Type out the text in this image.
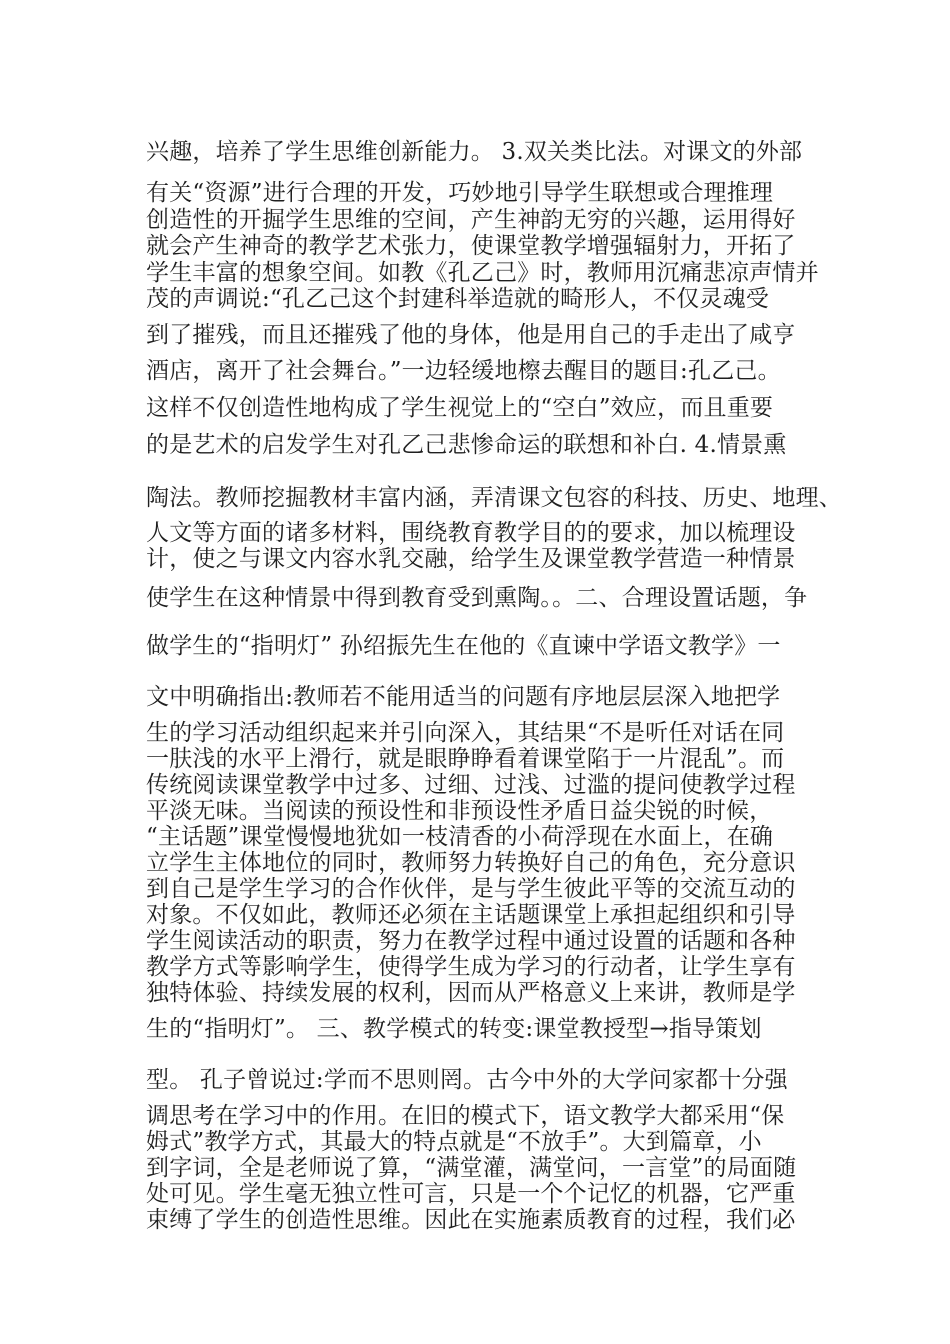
兴趣，培养了学生思维创新能力。 3.双关类比法。对课文的外部
有关“资源”进行合理的开发，巧妙地引导学生联想或合理推理
创造性的开掘学生思维的空间，产生神韵无穷的兴趣，运用得好
就会产生神奇的教学艺术张力，使课堂教学增强辐射力，开拓了
学生丰富的想象空间。如教《孔乙己》时，教师用沉痛悲凉声情并
茂的声调说:“孔乙己这个封建科举造就的畸形人，不仅灵魂受
到了摧残，而且还摧残了他的身体，他是用自己的手走出了咸亨
酒店，离开了社会舞台。”一边轻缓地檫去醒目的题目:孔乙己。
这样不仅创造性地构成了学生视觉上的“空白”效应，而且重要
的是艺术的启发学生对孔乙己悲惨命运的联想和补白. 4.情景熏
陶法。教师挖掘教材丰富内涵，弄清课文包容的科技、历史、地理、
人文等方面的诸多材料，围绕教育教学目的的要求，加以梳理设
计，使之与课文内容水乳交融，给学生及课堂教学营造一种情景
使学生在这种情景中得到教育受到熏陶。。二、合理设置话题，争
做学生的“指明灯” 孙绍振先生在他的《直谏中学语文教学》一
文中明确指出:教师若不能用适当的问题有序地层层深入地把学
生的学习活动组织起来并引向深入，其结果“不是听任对话在同
一肤浅的水平上滑行，就是眼睁睁看着课堂陷于一片混乱”。而
传统阅读课堂教学中过多、过细、过浅、过滥的提问使教学过程
平淡无味。当阅读的预设性和非预设性矛盾日益尖锐的时候，
“主话题”课堂慢慢地犹如一枝清香的小荷浮现在水面上，在确
立学生主体地位的同时，教师努力转换好自己的角色，充分意识
到自己是学生学习的合作伙伴，是与学生彼此平等的交流互动的
对象。不仅如此，教师还必须在主话题课堂上承担起组织和引导
学生阅读活动的职责，努力在教学过程中通过设置的话题和各种
教学方式等影响学生，使得学生成为学习的行动者，让学生享有
独特体验、持续发展的权利，因而从严格意义上来讲，教师是学
生的“指明灯”。 三、教学模式的转变:课堂教授型→指导策划
型。 孔子曾说过:学而不思则罔。古今中外的大学问家都十分强
调思考在学习中的作用。在旧的模式下，语文教学大都采用“保
姆式”教学方式，其最大的特点就是“不放手”。大到篇章，小
到字词，全是老师说了算，“满堂灌，满堂问，一言堂”的局面随
处可见。学生毫无独立性可言，只是一个个记忆的机器，它严重
束缚了学生的创造性思维。因此在实施素质教育的过程，我们必
